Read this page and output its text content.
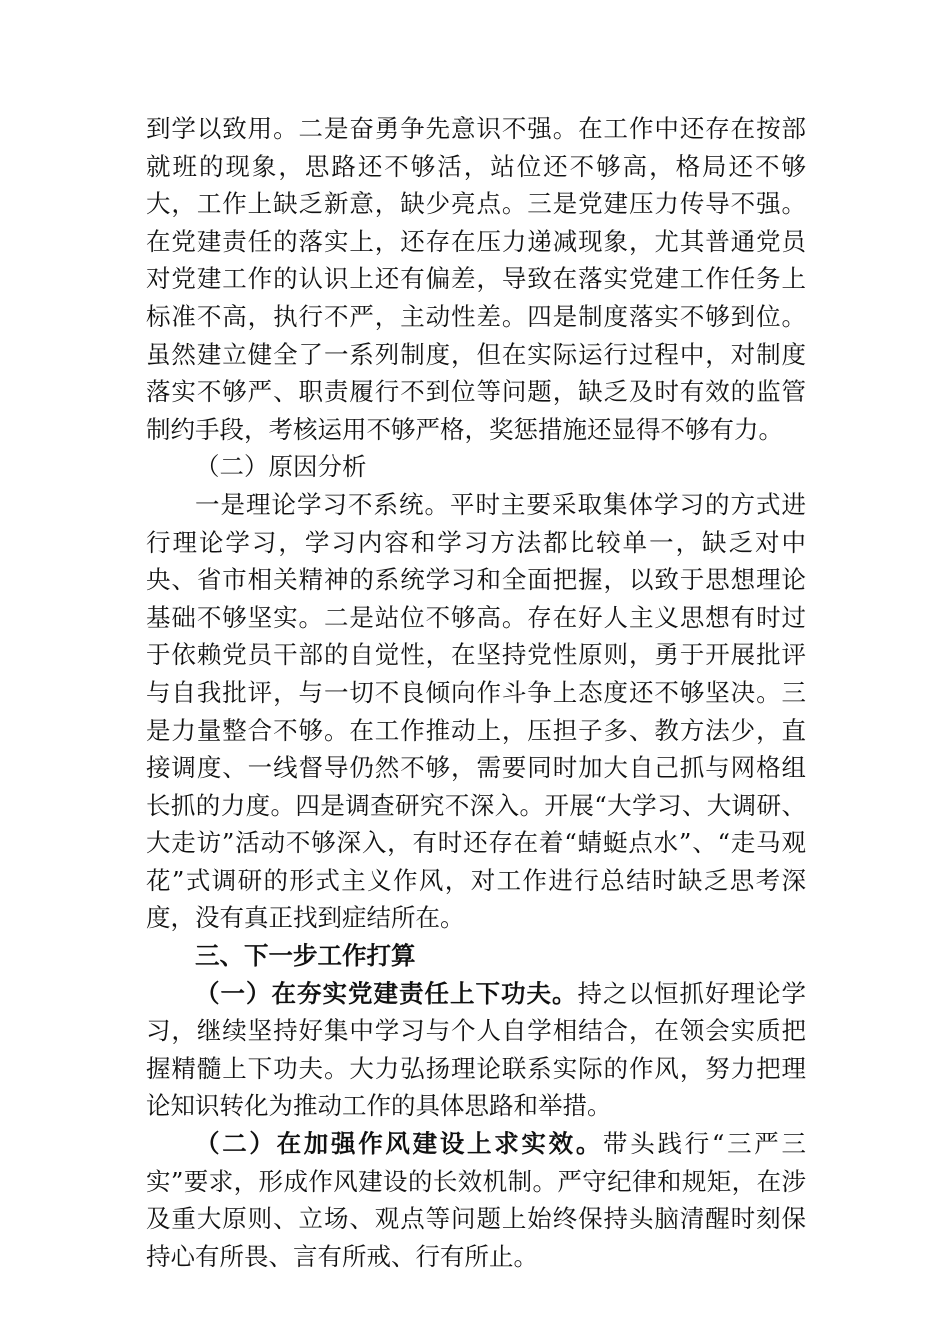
到学以致用。二是奋勇争先意识不强。在工作中还存在按部就班的现象，思路还不够活，站位还不够高，格局还不够大，工作上缺乏新意，缺少亮点。三是党建压力传导不强。在党建责任的落实上，还存在压力递减现象，尤其普通党员对党建工作的认识上还有偏差，导致在落实党建工作任务上标准不高，执行不严，主动性差。四是制度落实不够到位。虽然建立健全了一系列制度，但在实际运行过程中，对制度落实不够严、职责履行不到位等问题，缺乏及时有效的监管制约手段，考核运用不够严格，奖惩措施还显得不够有力。

（二）原因分析

一是理论学习不系统。平时主要采取集体学习的方式进行理论学习，学习内容和学习方法都比较单一，缺乏对中央、省市相关精神的系统学习和全面把握，以致于思想理论基础不够坚实。二是站位不够高。存在好人主义思想有时过于依赖党员干部的自觉性，在坚持党性原则，勇于开展批评与自我批评，与一切不良倾向作斗争上态度还不够坚决。三是力量整合不够。在工作推动上，压担子多、教方法少，直接调度、一线督导仍然不够，需要同时加大自己抓与网格组长抓的力度。四是调查研究不深入。开展“大学习、大调研、大走访”活动不够深入，有时还存在着“蜻蜓点水”、“走马观花”式调研的形式主义作风，对工作进行总结时缺乏思考深度，没有真正找到症结所在。

三、下一步工作打算

（一）在夯实党建责任上下功夫。持之以恒抓好理论学习，继续坚持好集中学习与个人自学相结合，在领会实质把握精髓上下功夫。大力弘扬理论联系实际的作风，努力把理论知识转化为推动工作的具体思路和举措。

（二）在加强作风建设上求实效。带头践行“三严三实”要求，形成作风建设的长效机制。严守纪律和规矩，在涉及重大原则、立场、观点等问题上始终保持头脑清醒时刻保持心有所畏、言有所戒、行有所止。
